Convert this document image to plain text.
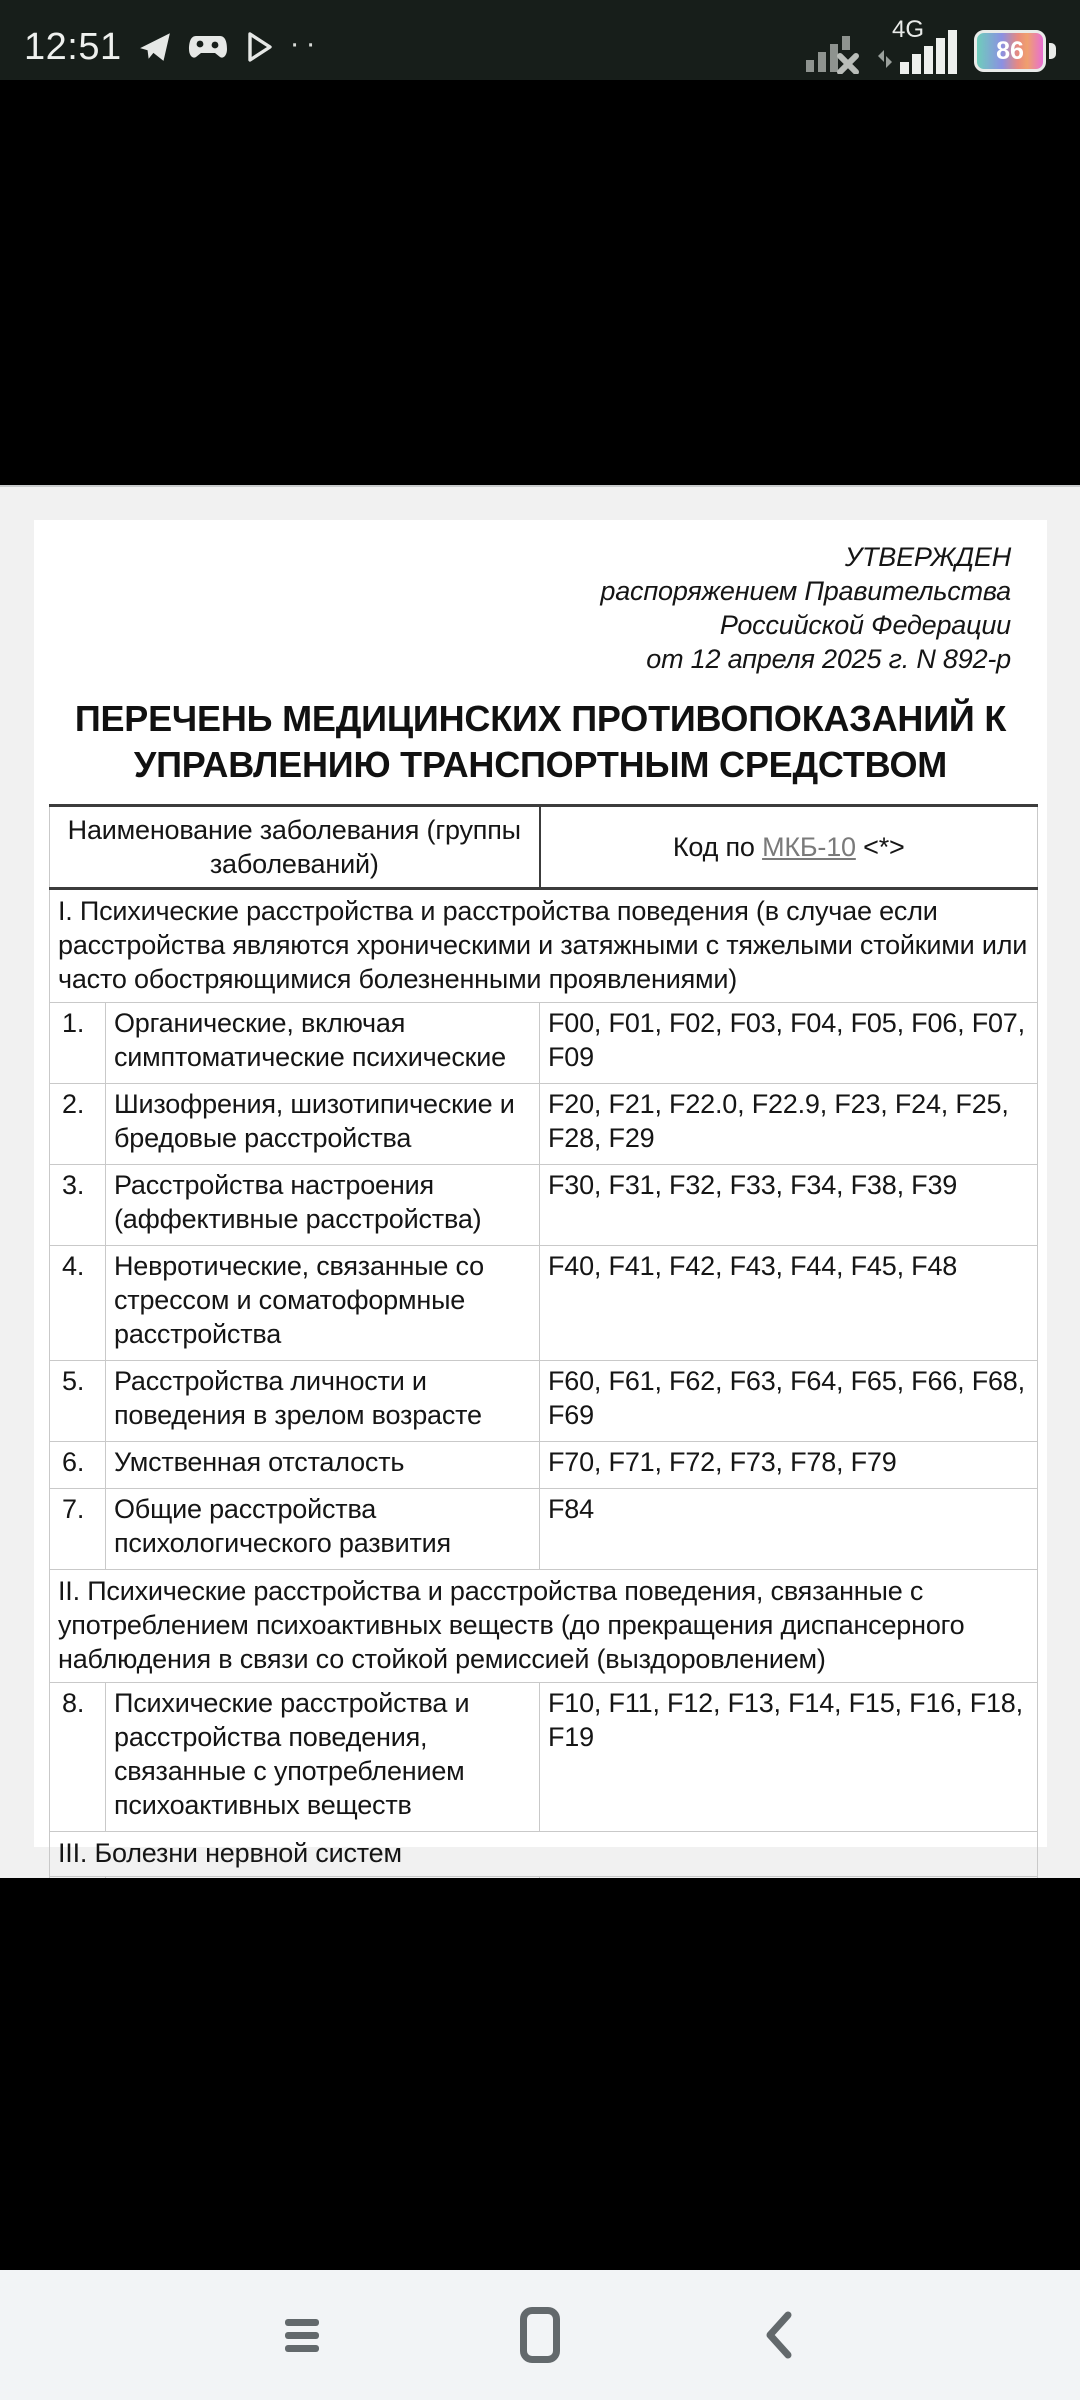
12:51	··	4G
86
УТВЕРЖДЕН
распоряжением Правительства
Российской Федерации
от 12 апреля 2025 г. N 892-р
ПЕРЕЧЕНЬ МЕДИЦИНСКИХ ПРОТИВОПОКАЗАНИЙ К УПРАВЛЕНИЮ ТРАНСПОРТНЫМ СРЕДСТВОМ
Наименование заболевания (группы заболеваний)		Код по МКБ-10 <*>
I. Психические расстройства и расстройства поведения (в случае если расстройства являются хроническими и затяжными с тяжелыми стойкими или часто обостряющимися болезненными проявлениями)		
1.	Органические, включая симптоматические психические	F00, F01, F02, F03, F04, F05, F06, F07, F09
2.	Шизофрения, шизотипические и бредовые расстройства	F20, F21, F22.0, F22.9, F23, F24, F25, F28, F29
3.	Расстройства настроения (аффективные расстройства)	F30, F31, F32, F33, F34, F38, F39
4.	Невротические, связанные со стрессом и соматоформные расстройства	F40, F41, F42, F43, F44, F45, F48
5.	Расстройства личности и поведения в зрелом возрасте	F60, F61, F62, F63, F64, F65, F66, F68, F69
6.	Умственная отсталость	F70, F71, F72, F73, F78, F79
7.	Общие расстройства психологического развития	F84
II. Психические расстройства и расстройства поведения, связанные с употреблением психоактивных веществ (до прекращения диспансерного наблюдения в связи со стойкой ремиссией (выздоровлением)		
8.	Психические расстройства и расстройства поведения, связанные с употреблением психоактивных веществ	F10, F11, F12, F13, F14, F15, F16, F18, F19
III. Болезни нервной систем		
